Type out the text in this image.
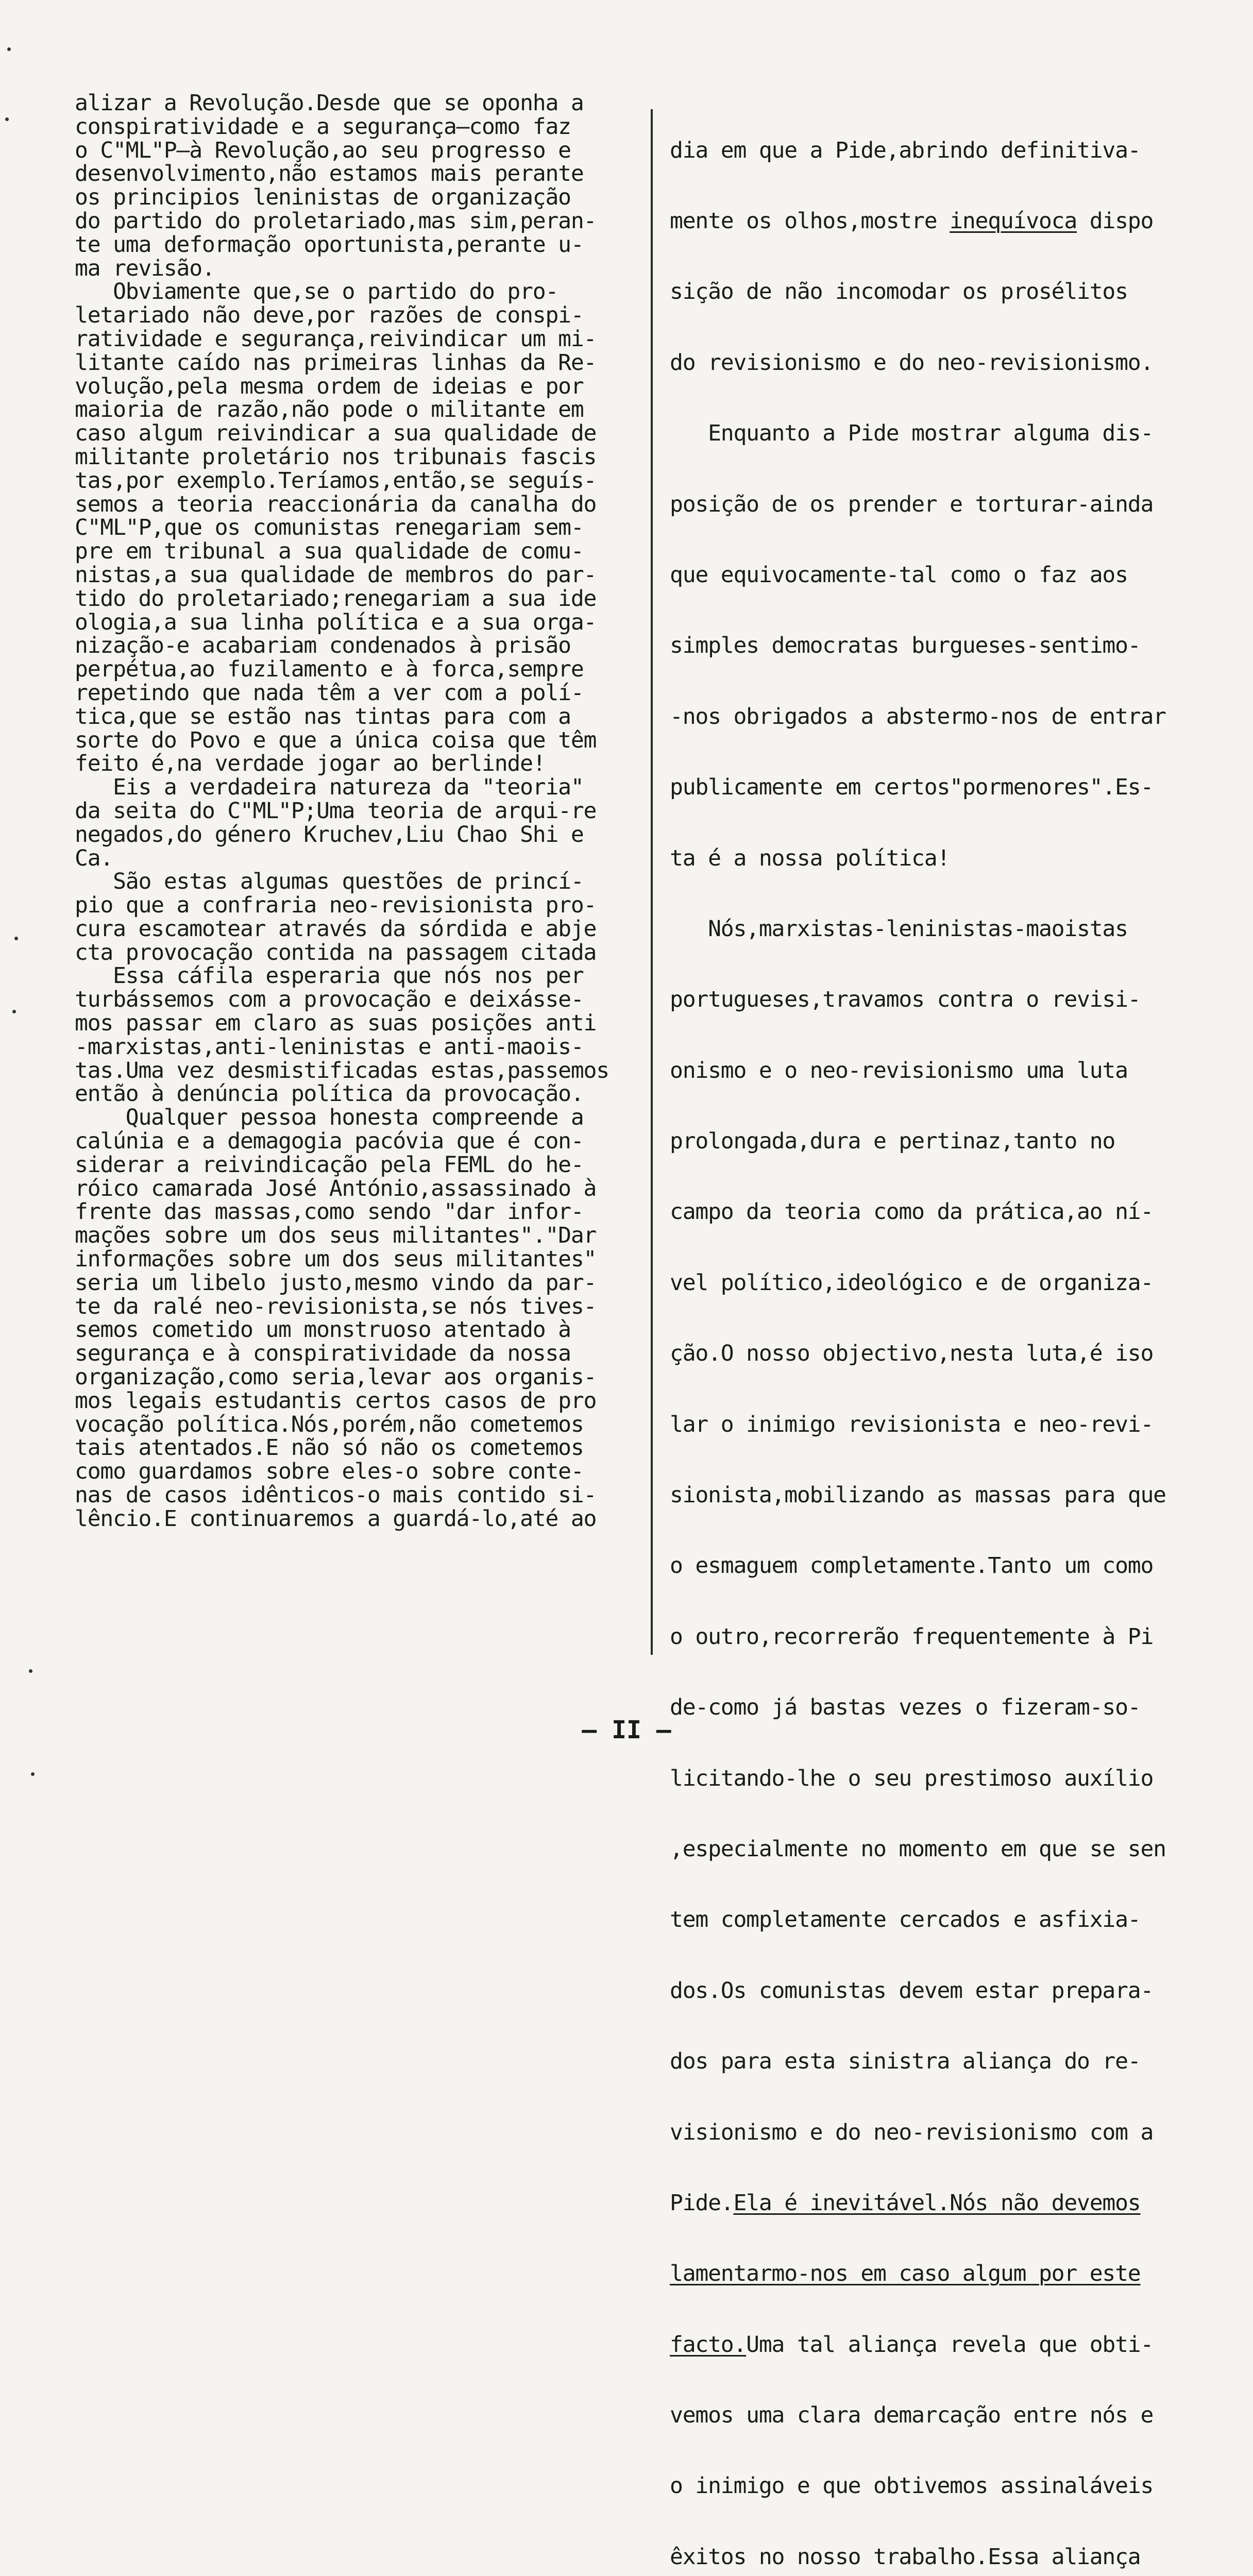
alizar a Revolução.Desde que se oponha a
conspiratividade e a segurança—como faz
o C"ML"P—à Revolução,ao seu progresso e
desenvolvimento,não estamos mais perante
os principios leninistas de organização
do partido do proletariado,mas sim,peran-
te uma deformação oportunista,perante u-
ma revisão.
Obviamente que,se o partido do pro-
letariado não deve,por razões de conspi-
ratividade e segurança,reivindicar um mi-
litante caído nas primeiras linhas da Re-
volução,pela mesma ordem de ideias e por
maioria de razão,não pode o militante em
caso algum reivindicar a sua qualidade de
militante proletário nos tribunais fascis
tas,por exemplo.Teríamos,então,se seguís-
semos a teoria reaccionária da canalha do
C"ML"P,que os comunistas renegariam sem-
pre em tribunal a sua qualidade de comu-
nistas,a sua qualidade de membros do par-
tido do proletariado;renegariam a sua ide
ologia,a sua linha política e a sua orga-
nização-e acabariam condenados à prisão
perpétua,ao fuzilamento e à forca,sempre
repetindo que nada têm a ver com a polí-
tica,que se estão nas tintas para com a
sorte do Povo e que a única coisa que têm
feito é,na verdade jogar ao berlinde!
Eis a verdadeira natureza da "teoria"
da seita do C"ML"P;Uma teoria de arqui-re
negados,do género Kruchev,Liu Chao Shi e
Ca.
São estas algumas questões de princí-
pio que a confraria neo-revisionista pro-
cura escamotear através da sórdida e abje
cta provocação contida na passagem citada
Essa cáfila esperaria que nós nos per
turbássemos com a provocação e deixásse-
mos passar em claro as suas posições anti
-marxistas,anti-leninistas e anti-maois-
tas.Uma vez desmistificadas estas,passemos
então à denúncia política da provocação.
Qualquer pessoa honesta compreende a
calúnia e a demagogia pacóvia que é con-
siderar a reivindicação pela FEML do he-
róico camarada José António,assassinado à
frente das massas,como sendo "dar infor-
mações sobre um dos seus militantes"."Dar
informações sobre um dos seus militantes"
seria um libelo justo,mesmo vindo da par-
te da ralé neo-revisionista,se nós tives-
semos cometido um monstruoso atentado à
segurança e à conspiratividade da nossa
organização,como seria,levar aos organis-
mos legais estudantis certos casos de pro
vocação política.Nós,porém,não cometemos
tais atentados.E não só não os cometemos
como guardamos sobre eles-o sobre conte-
nas de casos idênticos-o mais contido si-
lêncio.E continuaremos a guardá-lo,até ao

dia em que a Pide,abrindo definitiva-

mente os olhos,mostre inequívoca dispo

sição de não incomodar os prosélitos

do revisionismo e do neo-revisionismo.

Enquanto a Pide mostrar alguma dis-

posição de os prender e torturar-ainda

que equivocamente-tal como o faz aos

simples democratas burgueses-sentimo-

-nos obrigados a abstermo-nos de entrar

publicamente em certos"pormenores".Es-

ta é a nossa política!

Nós,marxistas-leninistas-maoistas

portugueses,travamos contra o revisi-

onismo e o neo-revisionismo uma luta

prolongada,dura e pertinaz,tanto no

campo da teoria como da prática,ao ní-

vel político,ideológico e de organiza-

ção.O nosso objectivo,nesta luta,é iso

lar o inimigo revisionista e neo-revi-

sionista,mobilizando as massas para que

o esmaguem completamente.Tanto um como

o outro,recorrerão frequentemente à Pi

de-como já bastas vezes o fizeram-so-

licitando-lhe o seu prestimoso auxílio

,especialmente no momento em que se sen

tem completamente cercados e asfixia-

dos.Os comunistas devem estar prepara-

dos para esta sinistra aliança do re-

visionismo e do neo-revisionismo com a

Pide.Ela é inevitável.Nós não devemos

lamentarmo-nos em caso algum por este

facto.Uma tal aliança revela que obti-

vemos uma clara demarcação entre nós e

o inimigo e que obtivemos assinaláveis

êxitos no nosso trabalho.Essa aliança

— II —
